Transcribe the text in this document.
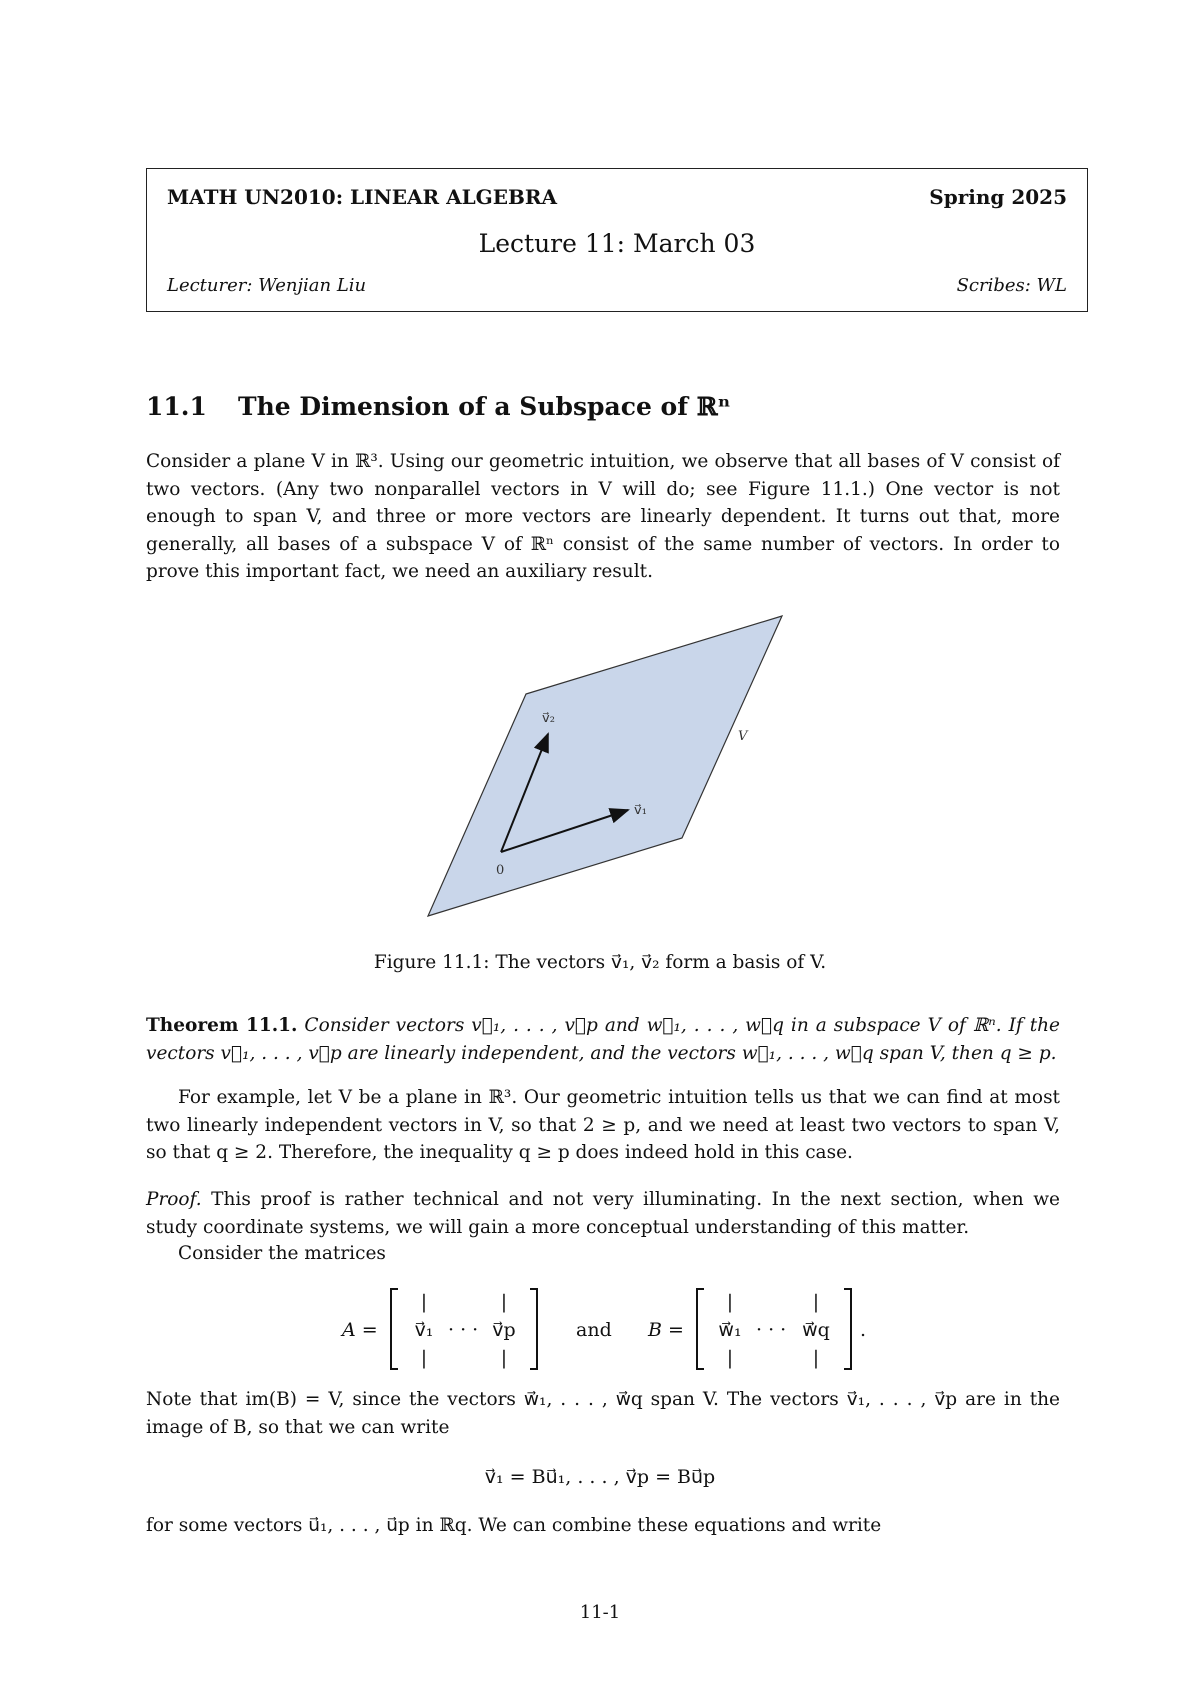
MATH UN2010: LINEAR ALGEBRA	Spring 2025
Lecture 11: March 03
Lecturer: Wenjian Liu	Scribes: WL
11.1 The Dimension of a Subspace of ℝⁿ
Consider a plane V in ℝ³. Using our geometric intuition, we observe that all bases of V consist of two vectors. (Any two nonparallel vectors in V will do; see Figure 11.1.) One vector is not enough to span V, and three or more vectors are linearly dependent. It turns out that, more generally, all bases of a subspace V of ℝⁿ consist of the same number of vectors. In order to prove this important fact, we need an auxiliary result.
v⃗₁
v⃗₂
0
V
Figure 11.1: The vectors v⃗₁, v⃗₂ form a basis of V.
Theorem 11.1. Consider vectors v⃗₁, . . . , v⃗p and w⃗₁, . . . , w⃗q in a subspace V of ℝⁿ. If the vectors v⃗₁, . . . , v⃗p are linearly independent, and the vectors w⃗₁, . . . , w⃗q span V, then q ≥ p.
For example, let V be a plane in ℝ³. Our geometric intuition tells us that we can find at most two linearly independent vectors in V, so that 2 ≥ p, and we need at least two vectors to span V, so that q ≥ 2. Therefore, the inequality q ≥ p does indeed hold in this case.
Proof. This proof is rather technical and not very illuminating. In the next section, when we study coordinate systems, we will gain a more conceptual understanding of this matter.
Consider the matrices
A =
|
v⃗₁
|
· · ·
|
v⃗p
|
and B =
|
w⃗₁
|
· · ·
|
w⃗q
|
.
Note that im(B) = V, since the vectors w⃗₁, . . . , w⃗q span V. The vectors v⃗₁, . . . , v⃗p are in the image of B, so that we can write
v⃗₁ = Bu⃗₁, . . . , v⃗p = Bu⃗p
for some vectors u⃗₁, . . . , u⃗p in ℝq. We can combine these equations and write
11-1
